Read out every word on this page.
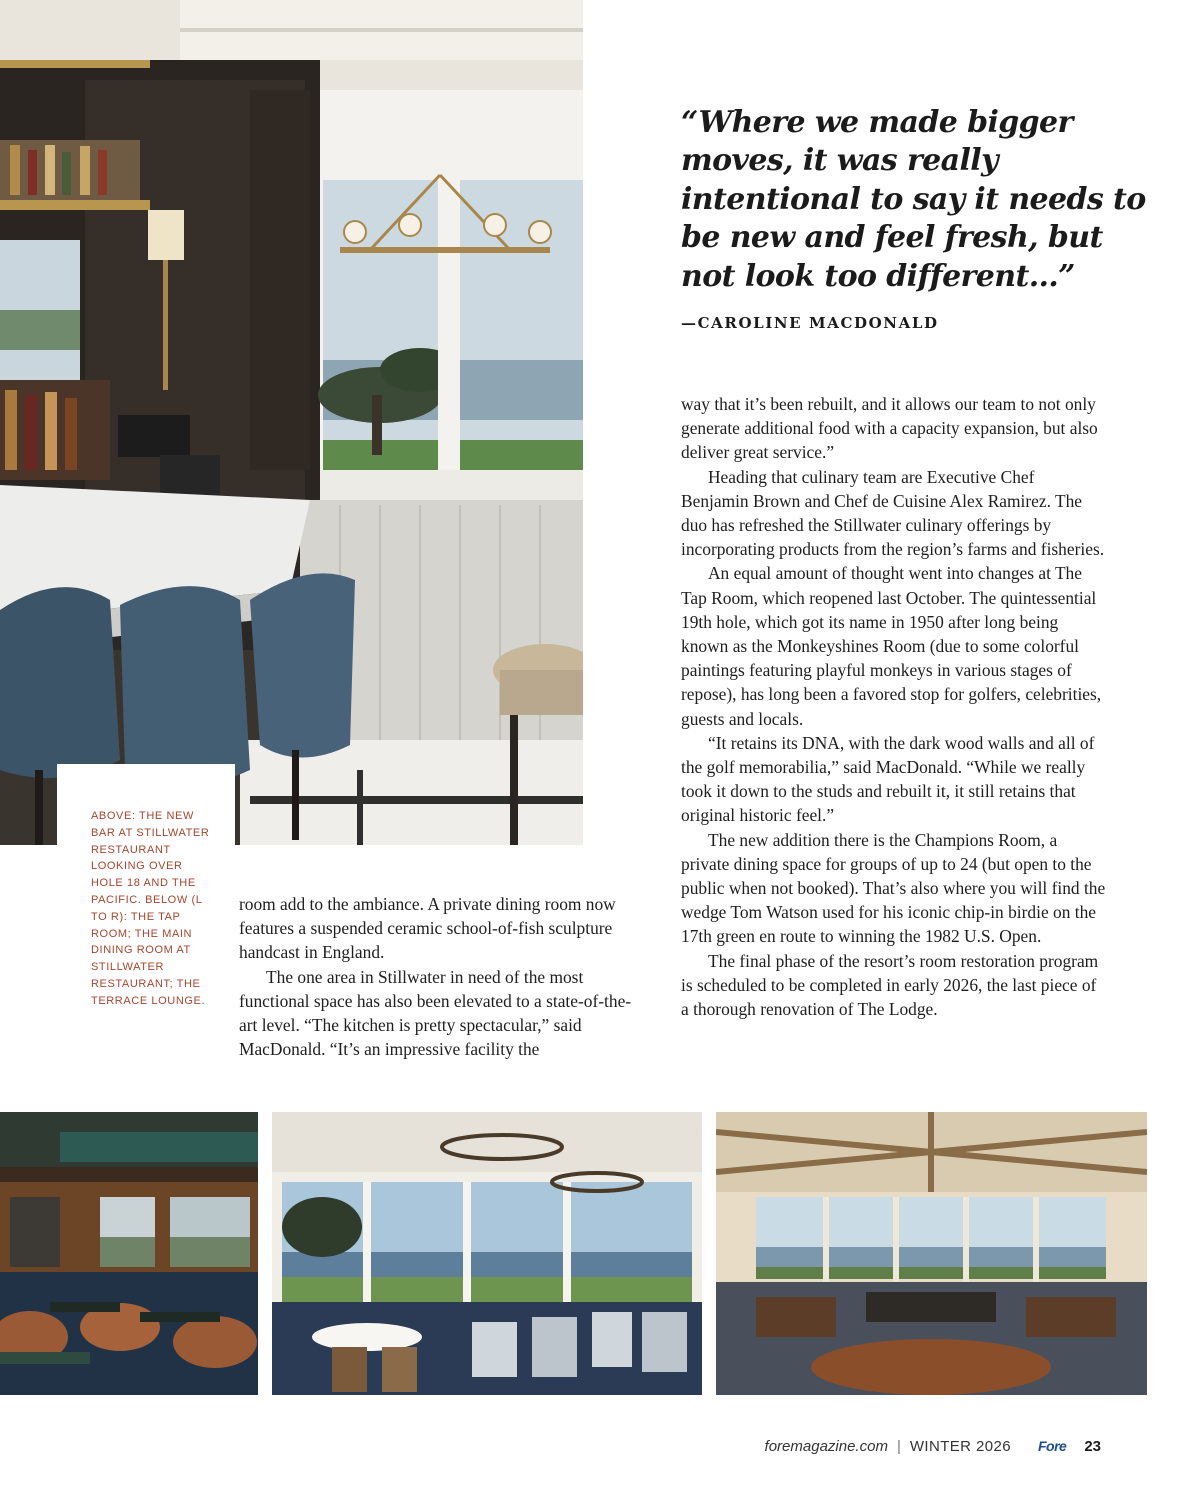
ABOVE: THE NEW BAR AT STILLWATER RESTAURANT LOOKING OVER HOLE 18 AND THE PACIFIC. BELOW (L TO R): THE TAP ROOM; THE MAIN DINING ROOM AT STILLWATER RESTAURANT; THE TERRACE LOUNGE.
“Where we made bigger moves, it was really intentional to say it needs to be new and feel fresh, but not look too different…”
—CAROLINE MACDONALD

room add to the ambiance. A private dining room now features a suspended ceramic school-of-fish sculpture handcast in England.

The one area in Stillwater in need of the most functional space has also been elevated to a state-of-the-art level. “The kitchen is pretty spectacular,” said MacDonald. “It’s an impressive facility the

way that it’s been rebuilt, and it allows our team to not only generate additional food with a capacity expansion, but also deliver great service.”

Heading that culinary team are Executive Chef Benjamin Brown and Chef de Cuisine Alex Ramirez. The duo has refreshed the Stillwater culinary offerings by incorporating products from the region’s farms and fisheries.

An equal amount of thought went into changes at The Tap Room, which reopened last October. The quintessential 19th hole, which got its name in 1950 after long being known as the Monkeyshines Room (due to some colorful paintings featuring playful monkeys in various stages of repose), has long been a favored stop for golfers, celebrities, guests and locals.

“It retains its DNA, with the dark wood walls and all of the golf memorabilia,” said MacDonald. “While we really took it down to the studs and rebuilt it, it still retains that original historic feel.”

The new addition there is the Champions Room, a private dining space for groups of up to 24 (but open to the public when not booked). That’s also where you will find the wedge Tom Watson used for his iconic chip-in birdie on the 17th green en route to winning the 1982 U.S. Open.

The final phase of the resort’s room restoration program is scheduled to be completed in early 2026, the last piece of a thorough renovation of The Lodge.

foremagazine.com | WINTER 2026 Fore 23
